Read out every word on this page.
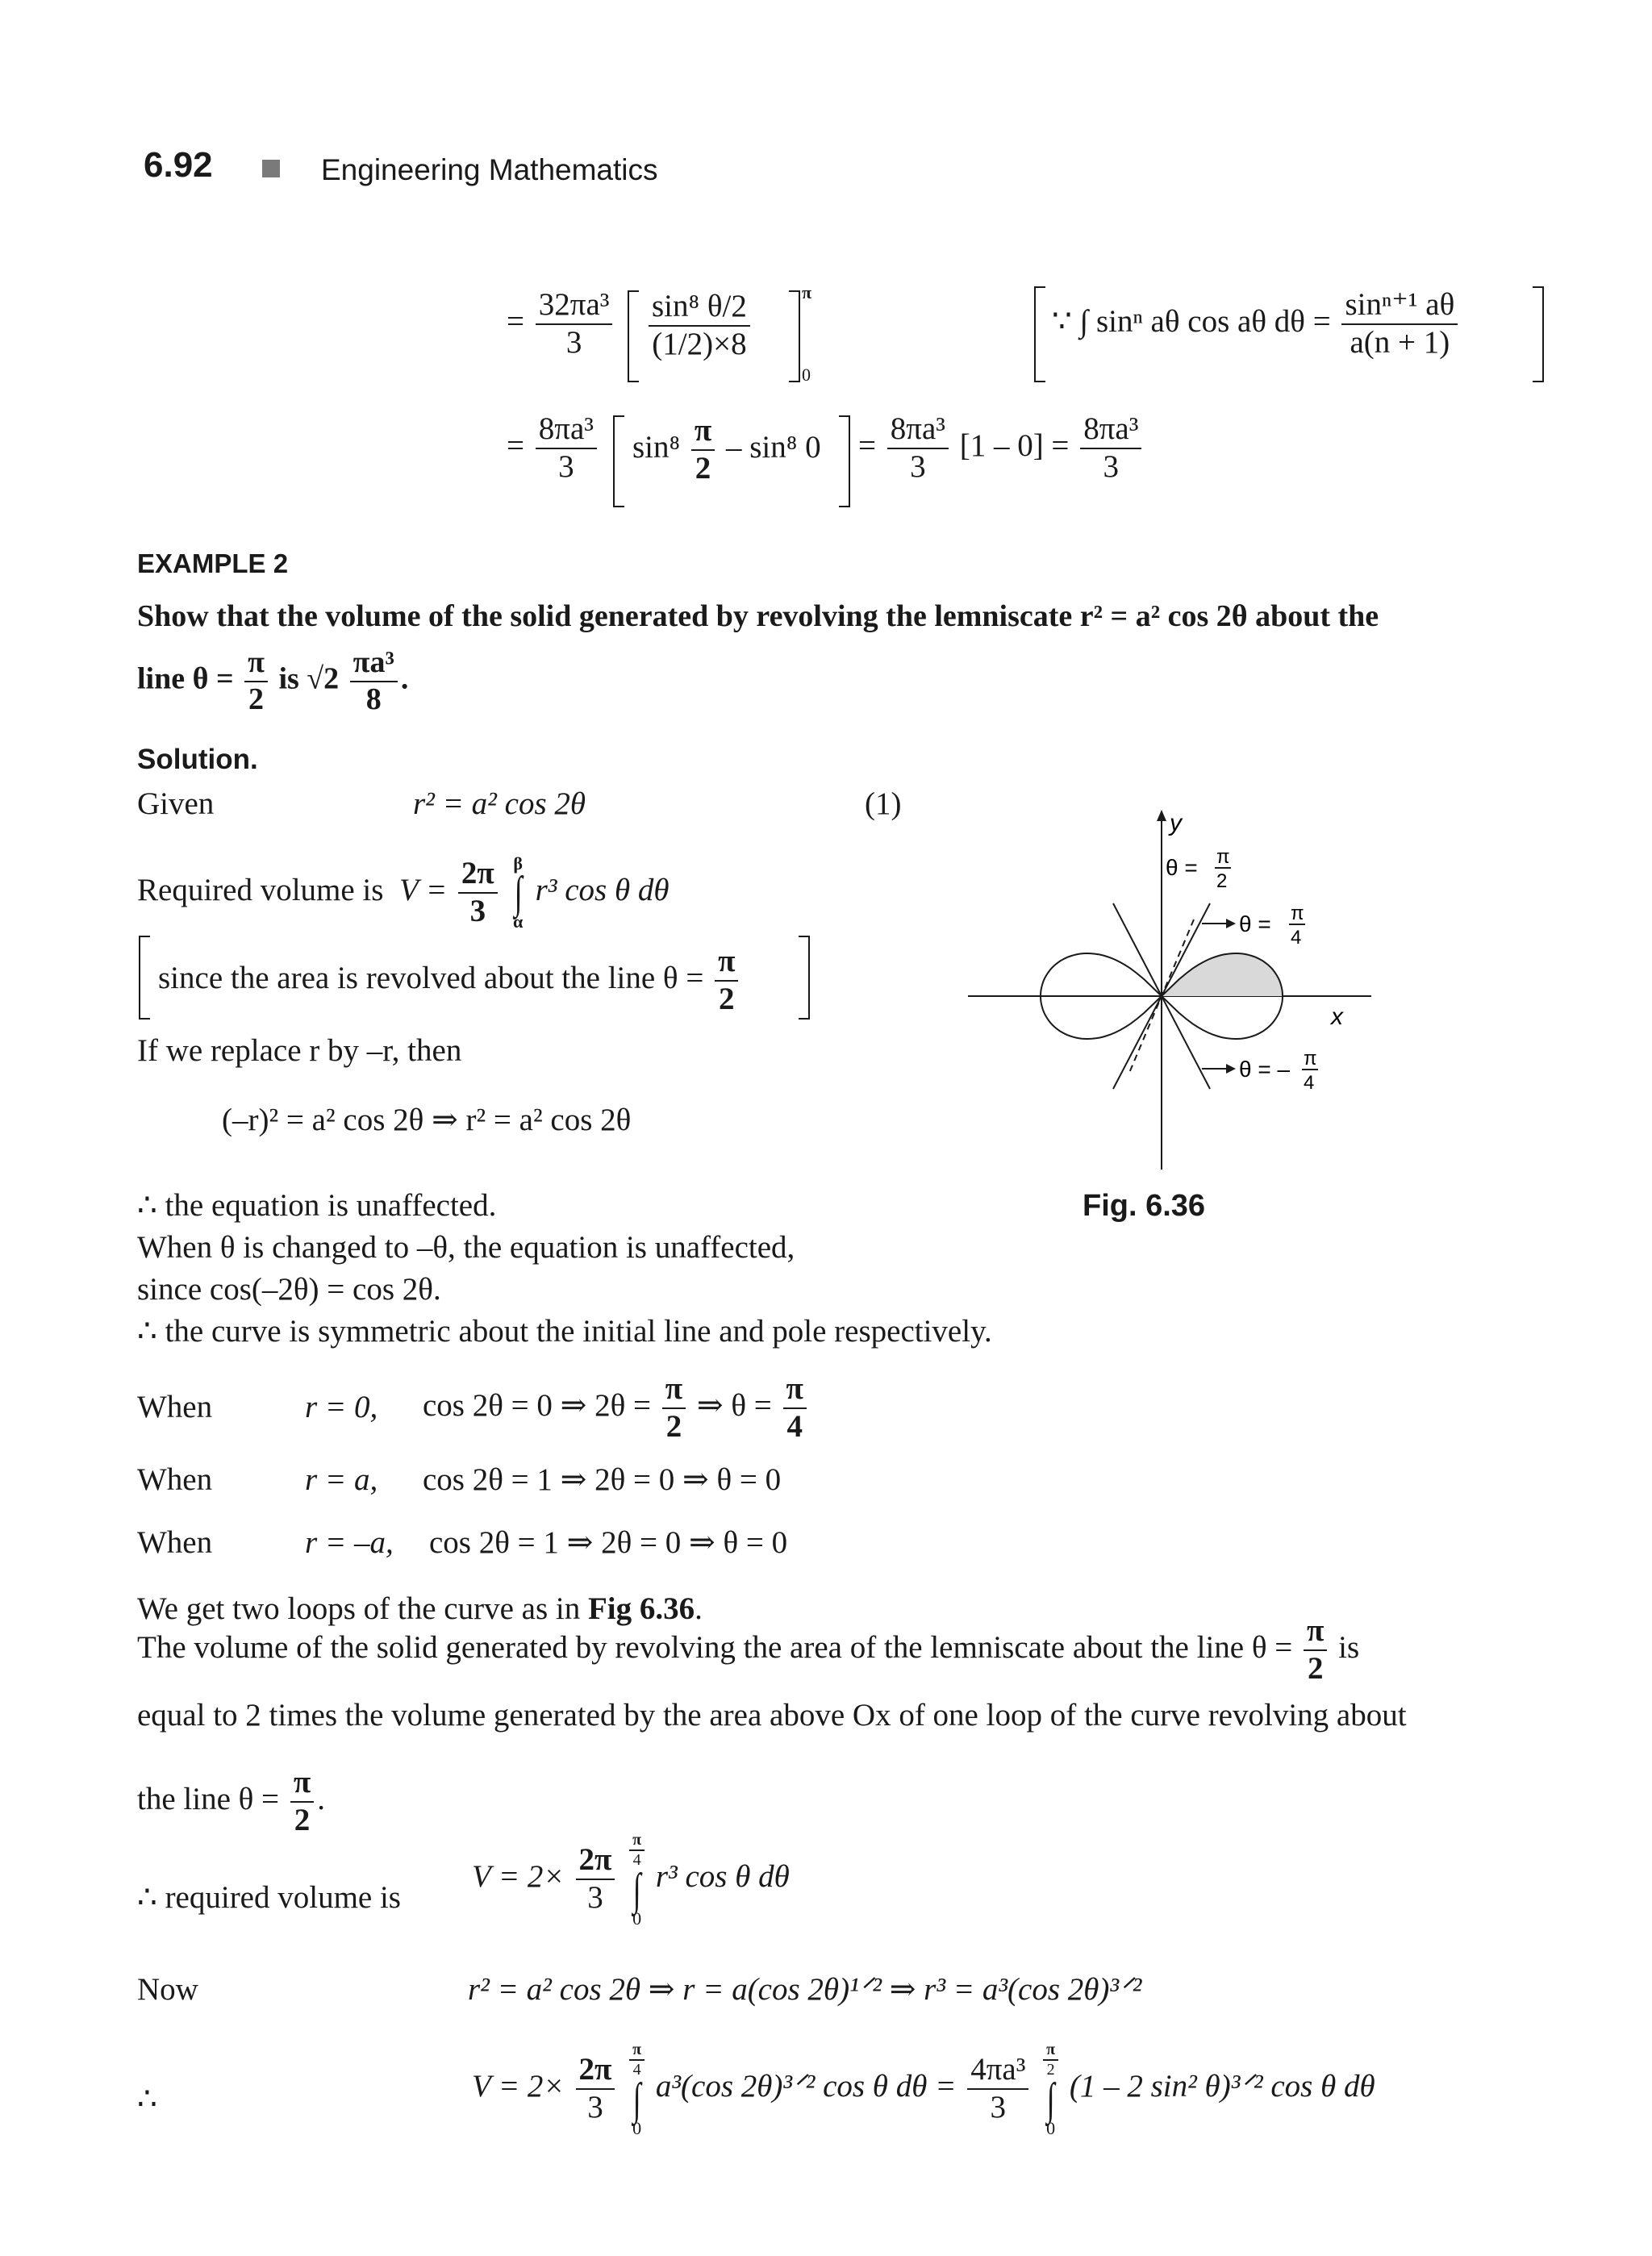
6.92	Engineering Mathematics
= $\frac{\text{32πa³}}{3} \frac{\text{sin⁸ θ/2}}{(1/2)\times 8}$	π
0
∵ ∫ sinⁿ aθ cos aθ $d\theta = \frac{\text{sinⁿ⁺¹ aθ}}{a(n + 1)}$
= $\frac{\text{8πa³}}{3} \sin^8 \frac{\pi}{2} - \sin^8$ $0 = \frac{\text{8πa³}}{3} [1 - 0] = \frac{\text{8πa³}}{3}$
EXAMPLE 2
Show that the volume of the solid generated by revolving the lemniscate r² = a² cos 2θ about the
line $\theta = \frac{\pi}{2}$ is $√2 \frac{\text{πa³}}{8}$ .
Solution.
Given	r² = a² cos 2θ	(1)
Required volume is $V = \frac{2\pi}{3}$
β
∫
α
r³ cos θ dθ
since the area is revolved about the line $\theta = \frac{\pi}{2}$
If we replace r by –r, then
(–r)² = a² cos 2θ ⇒ r² = a² cos 2θ
∴ the equation is unaffected.
When θ is changed to –θ, the equation is unaffected,
since cos(–2θ) = cos 2θ.
∴ the curve is symmetric about the initial line and pole respectively.
When	r = 0, cos 2θ = 0 ⇒ $2\theta = \frac{\pi}{2}$ ⇒ $\theta = \frac{\pi}{4}$
When	r = a, cos 2θ = 1 ⇒ 2θ = 0 ⇒ θ = 0
When	r = –a, cos 2θ = 1 ⇒ 2θ = 0 ⇒ θ = 0
We get two loops of the curve as in Fig 6.36.
The volume of the solid generated by revolving the area of the lemniscate about the line $\theta = \frac{\pi}{2}$ is
equal to 2 times the volume generated by the area above Ox of one loop of the curve revolving about
the line $\theta = \frac{\pi}{2}$ .
∴ required volume is
$V = 2\times \frac{2\pi}{3}$
$\frac{\pi}{4}$
∫
0
r³ cos θ dθ
Now	r² = a² cos 2θ ⇒ r = a(cos 2θ)¹ᐟ² ⇒ r³ = a³(cos 2θ)³ᐟ²
∴	$V = 2\times \frac{2\pi}{3}$
$\frac{\pi}{4}$
∫
0
a³(cos 2θ)³ᐟ² cos θ $d\theta = \frac{\text{4πa³}}{3}$
$\frac{\pi}{2}$
∫
0
(1 – 2 sin² θ)³ᐟ² cos θ dθ
y
x
θ = π
2
θ = π
4
θ = – π
4
Fig. 6.36
